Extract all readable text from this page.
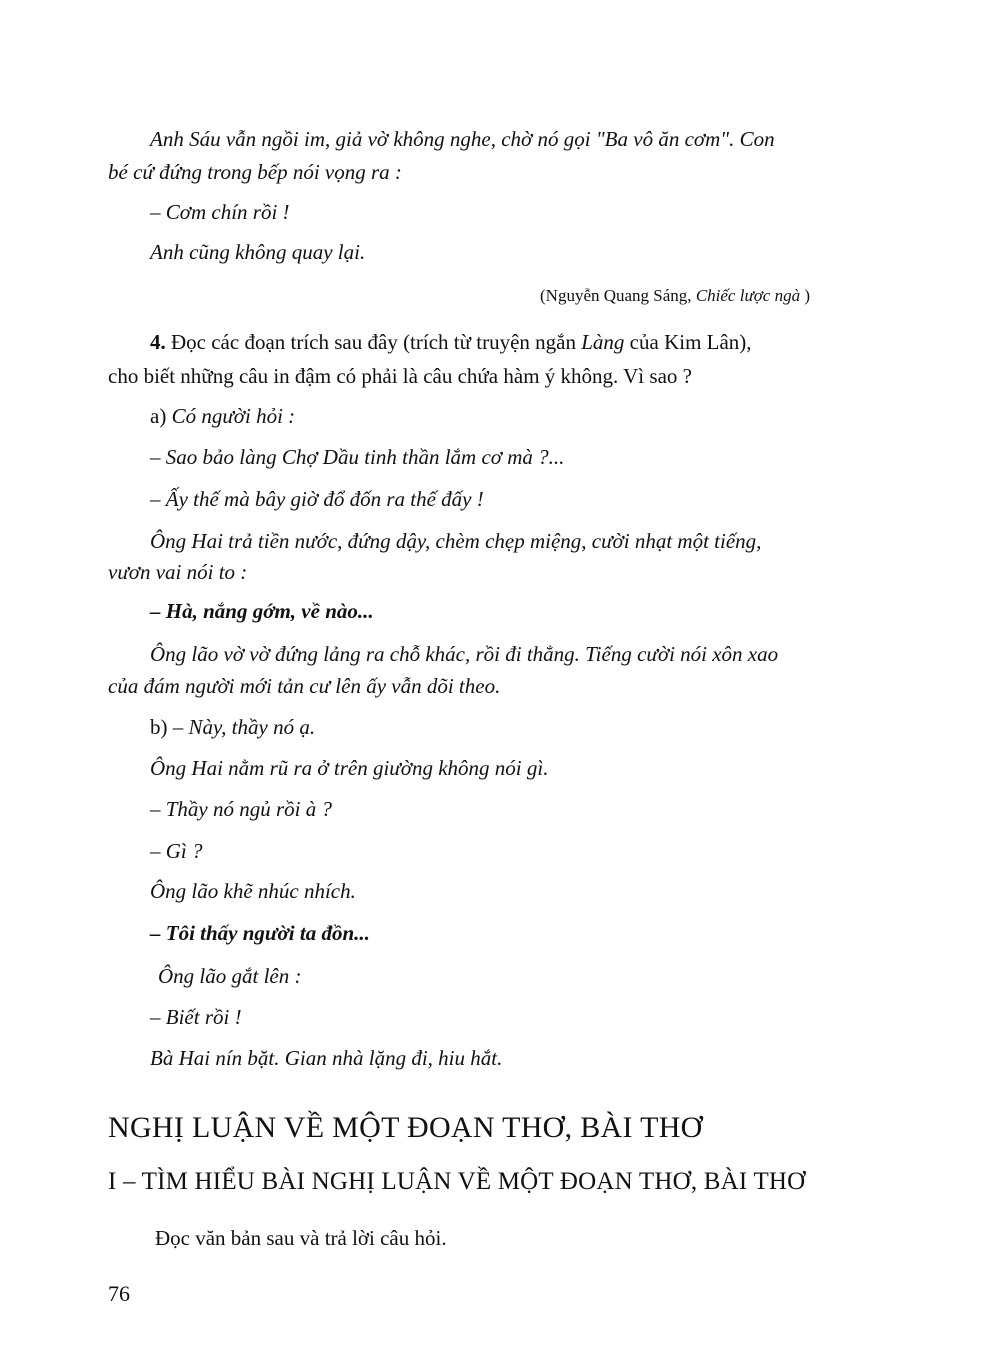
Anh Sáu vẫn ngồi im, giả vờ không nghe, chờ nó gọi "Ba vô ăn cơm". Con
bé cứ đứng trong bếp nói vọng ra :
– Cơm chín rồi !
Anh cũng không quay lại.
(Nguyễn Quang Sáng, Chiếc lược ngà )
4. Đọc các đoạn trích sau đây (trích từ truyện ngắn Làng của Kim Lân),
cho biết những câu in đậm có phải là câu chứa hàm ý không. Vì sao ?
a) Có người hỏi :
– Sao bảo làng Chợ Dầu tinh thần lắm cơ mà ?...
– Ấy thế mà bây giờ đổ đốn ra thế đấy !
Ông Hai trả tiền nước, đứng dậy, chèm chẹp miệng, cười nhạt một tiếng,
vươn vai nói to :
– Hà, nắng gớm, về nào...
Ông lão vờ vờ đứng lảng ra chỗ khác, rồi đi thẳng. Tiếng cười nói xôn xao
của đám người mới tản cư lên ấy vẫn dõi theo.
b) – Này, thầy nó ạ.
Ông Hai nằm rũ ra ở trên giường không nói gì.
– Thầy nó ngủ rồi à ?
– Gì ?
Ông lão khẽ nhúc nhích.
– Tôi thấy người ta đồn...
Ông lão gắt lên :
– Biết rồi !
Bà Hai nín bặt. Gian nhà lặng đi, hiu hắt.
NGHỊ LUẬN VỀ MỘT ĐOẠN THƠ, BÀI THƠ
I – TÌM HIỂU BÀI NGHỊ LUẬN VỀ MỘT ĐOẠN THƠ, BÀI THƠ
Đọc văn bản sau và trả lời câu hỏi.
76
